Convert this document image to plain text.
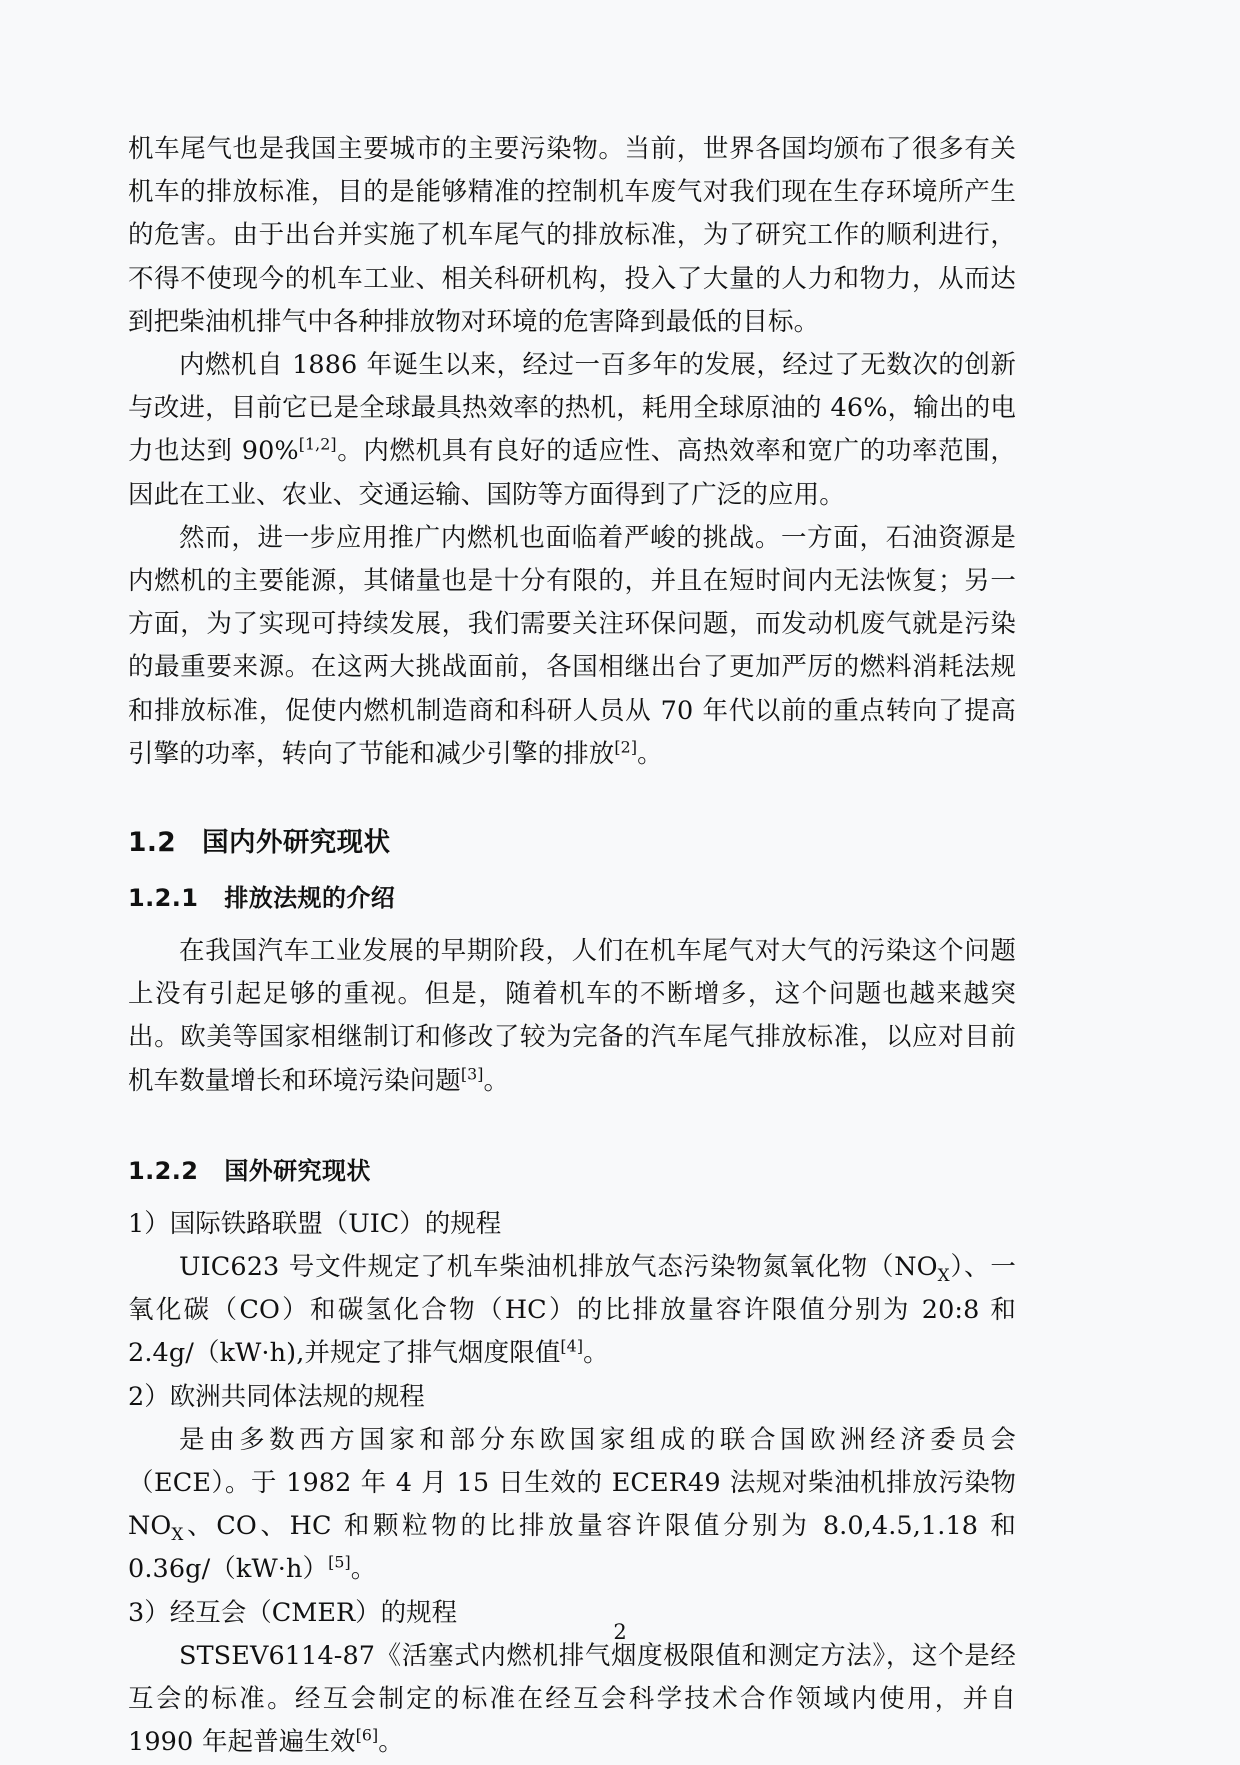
机车尾气也是我国主要城市的主要污染物。当前，世界各国均颁布了很多有关机车的排放标准，目的是能够精准的控制机车废气对我们现在生存环境所产生的危害。由于出台并实施了机车尾气的排放标准，为了研究工作的顺利进行，不得不使现今的机车工业、相关科研机构，投入了大量的人力和物力，从而达到把柴油机排气中各种排放物对环境的危害降到最低的目标。

内燃机自 1886 年诞生以来，经过一百多年的发展，经过了无数次的创新与改进，目前它已是全球最具热效率的热机，耗用全球原油的 46%，输出的电力也达到 90%[1,2]。内燃机具有良好的适应性、高热效率和宽广的功率范围，因此在工业、农业、交通运输、国防等方面得到了广泛的应用。

然而，进一步应用推广内燃机也面临着严峻的挑战。一方面，石油资源是内燃机的主要能源，其储量也是十分有限的，并且在短时间内无法恢复；另一方面，为了实现可持续发展，我们需要关注环保问题，而发动机废气就是污染的最重要来源。在这两大挑战面前，各国相继出台了更加严厉的燃料消耗法规和排放标准，促使内燃机制造商和科研人员从 70 年代以前的重点转向了提高引擎的功率，转向了节能和减少引擎的排放[2]。

1.2 国内外研究现状
1.2.1 排放法规的介绍

在我国汽车工业发展的早期阶段，人们在机车尾气对大气的污染这个问题上没有引起足够的重视。但是，随着机车的不断增多，这个问题也越来越突出。欧美等国家相继制订和修改了较为完备的汽车尾气排放标准，以应对目前机车数量增长和环境污染问题[3]。

1.2.2 国外研究现状

1）国际铁路联盟（UIC）的规程

UIC623 号文件规定了机车柴油机排放气态污染物氮氧化物$(NO_X)$、一氧化碳（CO）和碳氢化合物（HC）的比排放量容许限值分别为 20:8 和 2.4g/（kW·h),并规定了排气烟度限值[4]。

2）欧洲共同体法规的规程

是由多数西方国家和部分东欧国家组成的联合国欧洲经济委员会（ECE）。于 1982 年 4 月 15 日生效的 ECER49 法规对柴油机排放污染物 $NO_X$、CO、HC 和颗粒物的比排放量容许限值分别为 8.0,4.5,1.18 和 0.36g/（kW·h）[5]。

3）经互会（CMER）的规程

STSEV6114-87《活塞式内燃机排气烟度极限值和测定方法》，这个是经互会的标准。经互会制定的标准在经互会科学技术合作领域内使用，并自 1990 年起普遍生效[6]。

2
